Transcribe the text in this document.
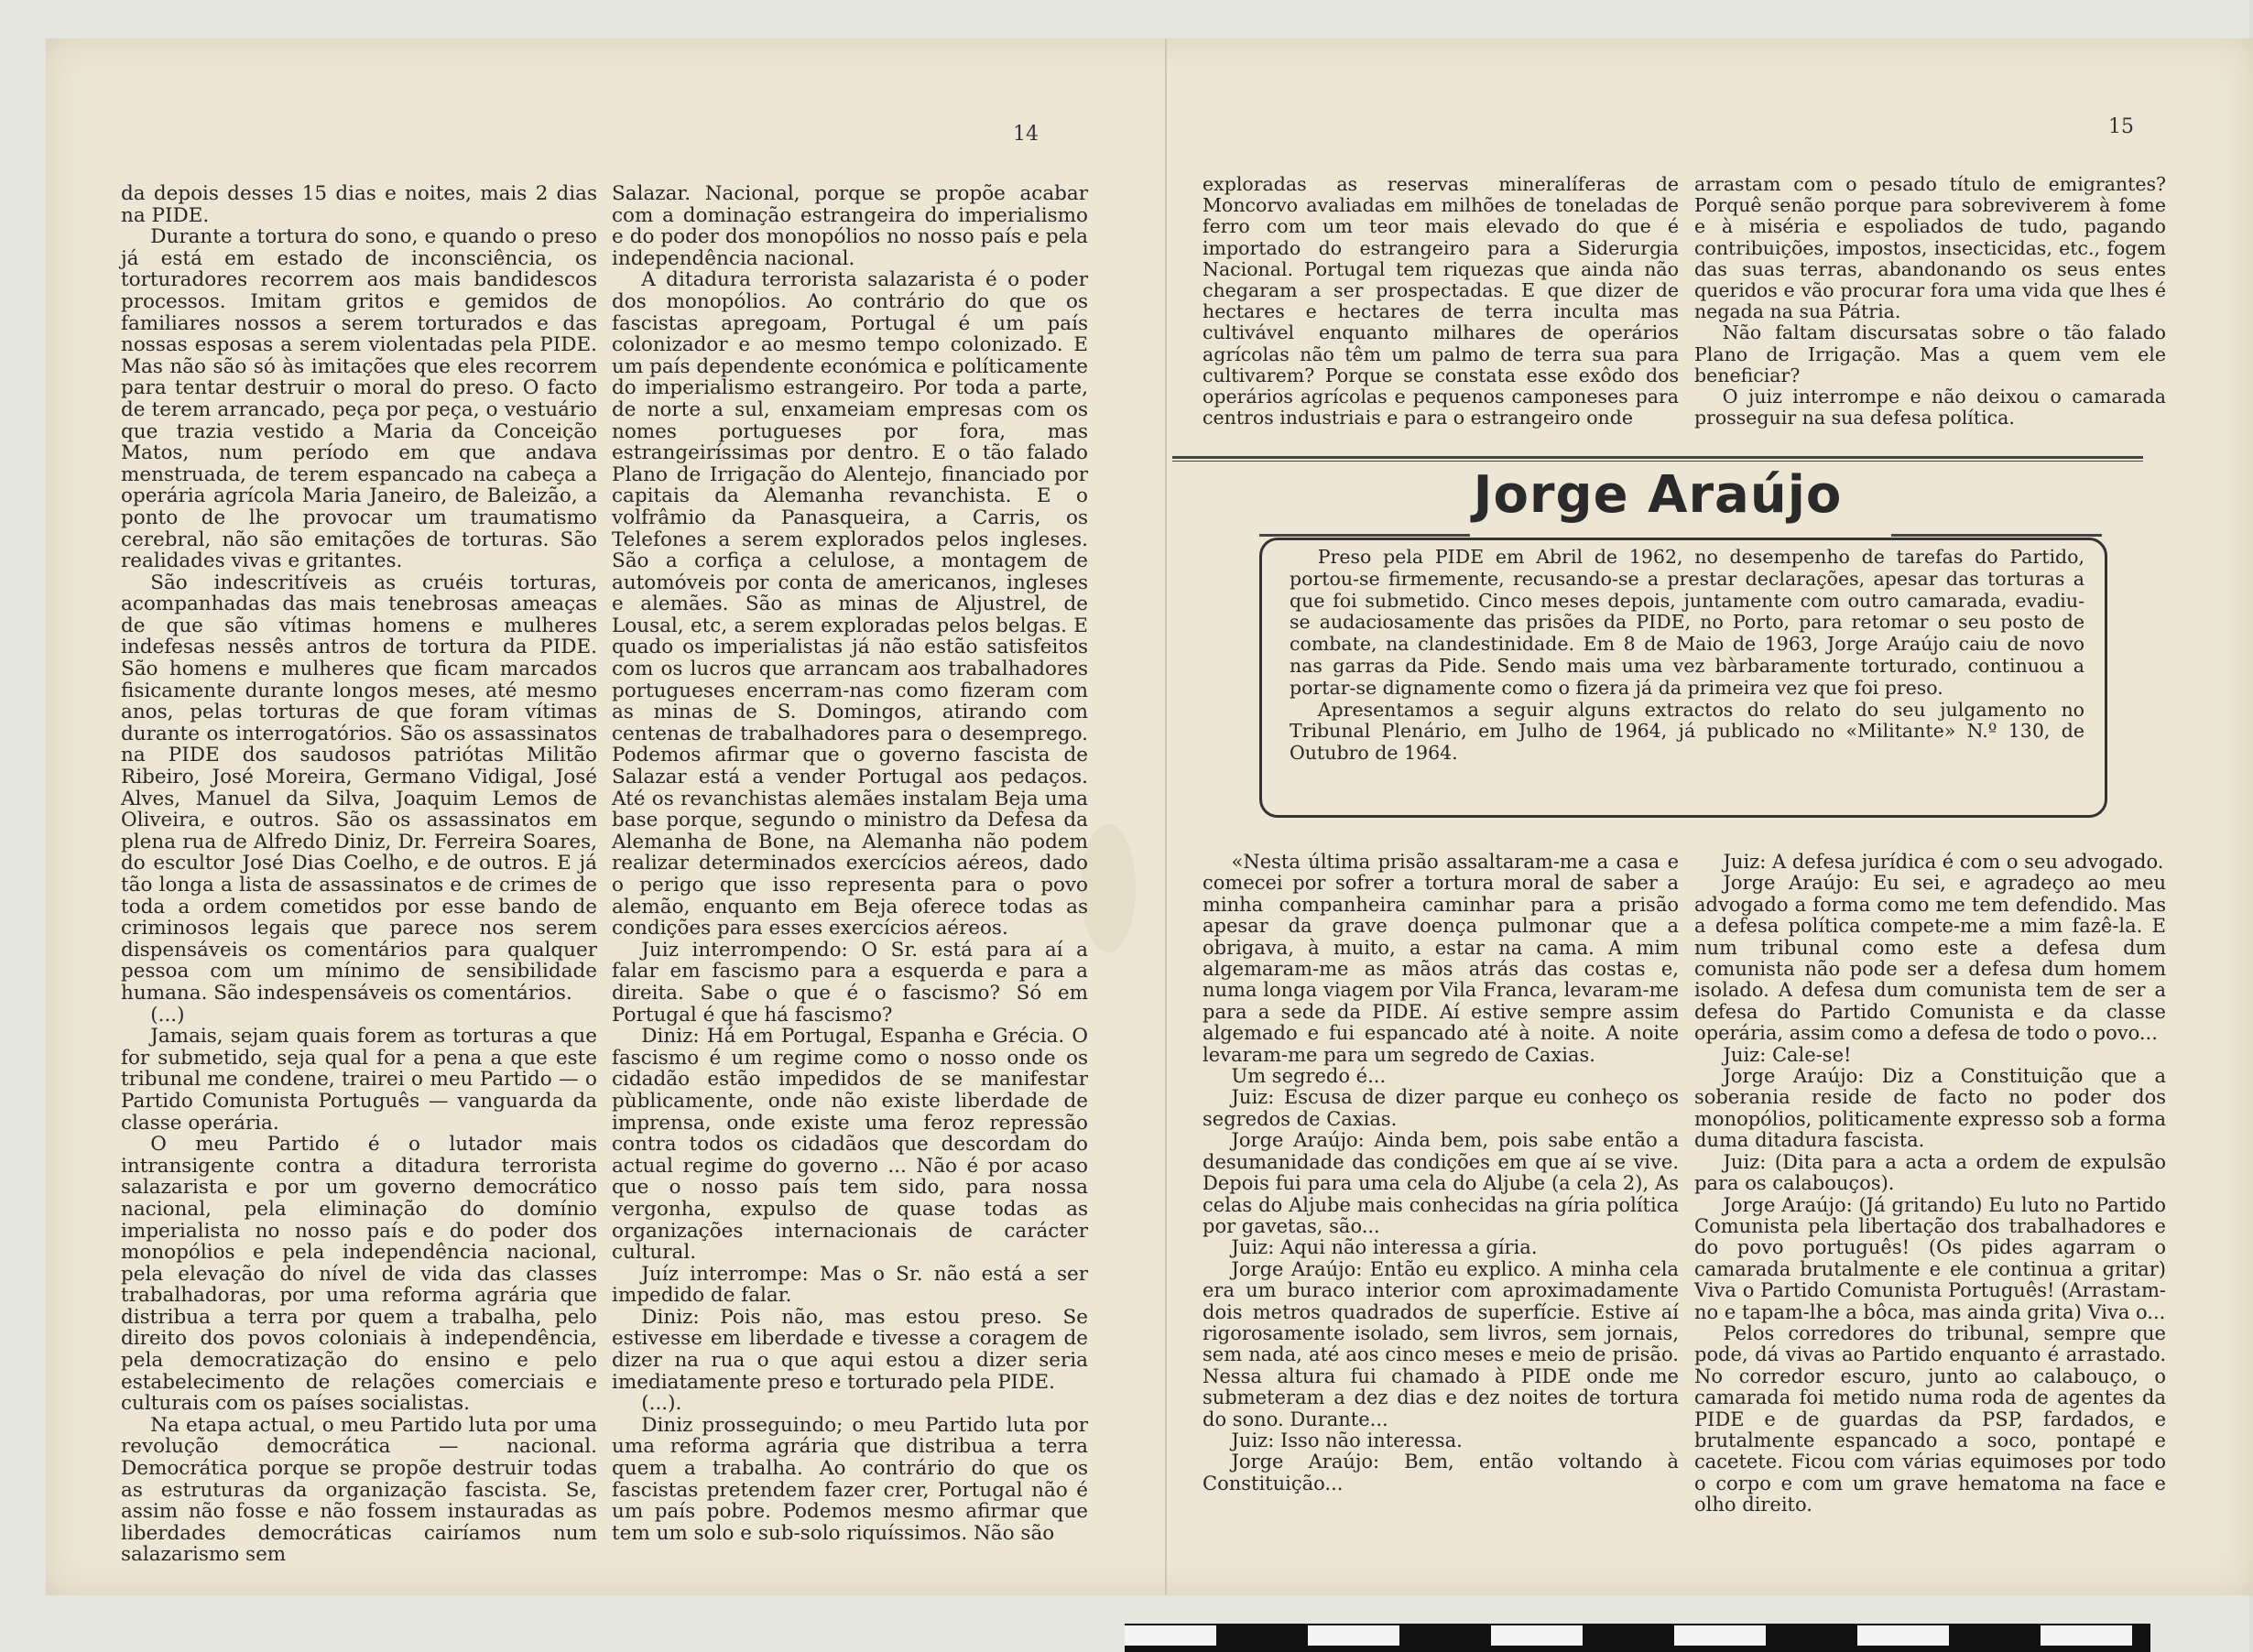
14	15

da depois desses 15 dias e noites, mais 2 dias na PIDE.

Durante a tortura do sono, e quando o preso já está em estado de inconsciência, os torturadores recorrem aos mais bandidescos processos. Imitam gritos e gemidos de familiares nossos a serem torturados e das nossas esposas a serem violentadas pela PIDE. Mas não são só às imitações que eles recorrem para tentar destruir o moral do preso. O facto de terem arrancado, peça por peça, o vestuário que trazia vestido a Maria da Conceição Matos, num período em que andava menstruada, de terem espancado na cabeça a operária agrícola Maria Janeiro, de Baleizão, a ponto de lhe provocar um traumatismo cerebral, não são emitações de torturas. São realidades vivas e gritantes.

São indescritíveis as cruéis torturas, acompanhadas das mais tenebrosas ameaças de que são vítimas homens e mulheres indefesas nessês antros de tortura da PIDE. São homens e mulheres que ficam marcados fisicamente durante longos meses, até mesmo anos, pelas torturas de que foram vítimas durante os interrogatórios. São os assassinatos na PIDE dos saudosos patriótas Militão Ribeiro, José Moreira, Germano Vidigal, José Alves, Manuel da Silva, Joaquim Lemos de Oliveira, e outros. São os assassinatos em plena rua de Alfredo Diniz, Dr. Ferreira Soares, do escultor José Dias Coelho, e de outros. E já tão longa a lista de assassinatos e de crimes de toda a ordem cometidos por esse bando de criminosos legais que parece nos serem dispensáveis os comentários para qualquer pessoa com um mínimo de sensibilidade humana. São indespensáveis os comentários.

(...)

Jamais, sejam quais forem as torturas a que for submetido, seja qual for a pena a que este tribunal me condene, trairei o meu Partido — o Partido Comunista Português — vanguarda da classe operária.

O meu Partido é o lutador mais intransigente contra a ditadura terrorista salazarista e por um governo democrático nacional, pela eliminação do domínio imperialista no nosso país e do poder dos monopólios e pela independência nacional, pela elevação do nível de vida das classes trabalhadoras, por uma reforma agrária que distribua a terra por quem a trabalha, pelo direito dos povos coloniais à independência, pela democratização do ensino e pelo estabelecimento de relações comerciais e culturais com os países socialistas.

Na etapa actual, o meu Partido luta por uma revolução democrática — nacional. Democrática porque se propõe destruir todas as estruturas da organização fascista. Se, assim não fosse e não fossem instauradas as liberdades democráticas cairíamos num salazarismo sem

Salazar. Nacional, porque se propõe acabar com a dominação estrangeira do imperialismo e do poder dos monopólios no nosso país e pela independência nacional.

A ditadura terrorista salazarista é o poder dos monopólios. Ao contrário do que os fascistas apregoam, Portugal é um país colonizador e ao mesmo tempo colonizado. E um país dependente económica e políticamente do imperialismo estrangeiro. Por toda a parte, de norte a sul, enxameiam empresas com os nomes portugueses por fora, mas estrangeiríssimas por dentro. E o tão falado Plano de Irrigação do Alentejo, financiado por capitais da Alemanha revanchista. E o volfrâmio da Panasqueira, a Carris, os Telefones a serem explorados pelos ingleses. São a corfiça a celulose, a montagem de automóveis por conta de americanos, ingleses e alemães. São as minas de Aljustrel, de Lousal, etc, a serem exploradas pelos belgas. E quado os imperialistas já não estão satisfeitos com os lucros que arrancam aos trabalhadores portugueses encerram-nas como fizeram com as minas de S. Domingos, atirando com centenas de trabalhadores para o desemprego. Podemos afirmar que o governo fascista de Salazar está a vender Portugal aos pedaços. Até os revanchistas alemães instalam Beja uma base porque, segundo o ministro da Defesa da Alemanha de Bone, na Alemanha não podem realizar determinados exercícios aéreos, dado o perigo que isso representa para o povo alemão, enquanto em Beja oferece todas as condições para esses exercícios aéreos.

Juiz interrompendo: O Sr. está para aí a falar em fascismo para a esquerda e para a direita. Sabe o que é o fascismo? Só em Portugal é que há fascismo?

Diniz: Há em Portugal, Espanha e Grécia. O fascismo é um regime como o nosso onde os cidadão estão impedidos de se manifestar pùblicamente, onde não existe liberdade de imprensa, onde existe uma feroz repressão contra todos os cidadãos que descordam do actual regime do governo ... Não é por acaso que o nosso país tem sido, para nossa vergonha, expulso de quase todas as organizações internacionais de carácter cultural.

Juíz interrompe: Mas o Sr. não está a ser impedido de falar.

Diniz: Pois não, mas estou preso. Se estivesse em liberdade e tivesse a coragem de dizer na rua o que aqui estou a dizer seria imediatamente preso e torturado pela PIDE.

(...).

Diniz prosseguindo; o meu Partido luta por uma reforma agrária que distribua a terra quem a trabalha. Ao contrário do que os fascistas pretendem fazer crer, Portugal não é um país pobre. Podemos mesmo afirmar que tem um solo e sub-solo riquíssimos. Não são

exploradas as reservas mineralíferas de Moncorvo avaliadas em milhões de toneladas de ferro com um teor mais elevado do que é importado do estrangeiro para a Siderurgia Nacional. Portugal tem riquezas que ainda não chegaram a ser prospectadas. E que dizer de hectares e hectares de terra inculta mas cultivável enquanto milhares de operários agrícolas não têm um palmo de terra sua para cultivarem? Porque se constata esse exôdo dos operários agrícolas e pequenos camponeses para centros industriais e para o estrangeiro onde

arrastam com o pesado título de emigrantes? Porquê senão porque para sobreviverem à fome e à miséria e espoliados de tudo, pagando contribuições, impostos, insecticidas, etc., fogem das suas terras, abandonando os seus entes queridos e vão procurar fora uma vida que lhes é negada na sua Pátria.

Não faltam discursatas sobre o tão falado Plano de Irrigação. Mas a quem vem ele beneficiar?

O juiz interrompe e não deixou o camarada prosseguir na sua defesa política.

Jorge Araújo

Preso pela PIDE em Abril de 1962, no desempenho de tarefas do Partido, portou-se firmemente, recusando-se a prestar declarações, apesar das torturas a que foi submetido. Cinco meses depois, juntamente com outro camarada, evadiu-se audaciosamente das prisões da PIDE, no Porto, para retomar o seu posto de combate, na clandestinidade. Em 8 de Maio de 1963, Jorge Araújo caiu de novo nas garras da Pide. Sendo mais uma vez bàrbaramente torturado, continuou a portar-se dignamente como o fizera já da primeira vez que foi preso.

Apresentamos a seguir alguns extractos do relato do seu julgamento no Tribunal Plenário, em Julho de 1964, já publicado no «Militante» N.º 130, de Outubro de 1964.

«Nesta última prisão assaltaram-me a casa e comecei por sofrer a tortura moral de saber a minha companheira caminhar para a prisão apesar da grave doença pulmonar que a obrigava, à muito, a estar na cama. A mim algemaram-me as mãos atrás das costas e, numa longa viagem por Vila Franca, levaram-me para a sede da PIDE. Aí estive sempre assim algemado e fui espancado até à noite. A noite levaram-me para um segredo de Caxias.

Um segredo é...

Juiz: Escusa de dizer parque eu conheço os segredos de Caxias.

Jorge Araújo: Ainda bem, pois sabe então a desumanidade das condições em que aí se vive. Depois fui para uma cela do Aljube (a cela 2), As celas do Aljube mais conhecidas na gíria política por gavetas, são...

Juiz: Aqui não interessa a gíria.

Jorge Araújo: Então eu explico. A minha cela era um buraco interior com aproximadamente dois metros quadrados de superfície. Estive aí rigorosamente isolado, sem livros, sem jornais, sem nada, até aos cinco meses e meio de prisão. Nessa altura fui chamado à PIDE onde me submeteram a dez dias e dez noites de tortura do sono. Durante...

Juiz: Isso não interessa.

Jorge Araújo: Bem, então voltando à Constituição...

Juiz: A defesa jurídica é com o seu advogado.

Jorge Araújo: Eu sei, e agradeço ao meu advogado a forma como me tem defendido. Mas a defesa política compete-me a mim fazê-la. E num tribunal como este a defesa dum comunista não pode ser a defesa dum homem isolado. A defesa dum comunista tem de ser a defesa do Partido Comunista e da classe operária, assim como a defesa de todo o povo...

Juiz: Cale-se!

Jorge Araújo: Diz a Constituição que a soberania reside de facto no poder dos monopólios, politicamente expresso sob a forma duma ditadura fascista.

Juiz: (Dita para a acta a ordem de expulsão para os calabouços).

Jorge Araújo: (Já gritando) Eu luto no Partido Comunista pela libertação dos trabalhadores e do povo português! (Os pides agarram o camarada brutalmente e ele continua a gritar) Viva o Partido Comunista Português! (Arrastam-no e tapam-lhe a bôca, mas ainda grita) Viva o...

Pelos corredores do tribunal, sempre que pode, dá vivas ao Partido enquanto é arrastado. No corredor escuro, junto ao calabouço, o camarada foi metido numa roda de agentes da PIDE e de guardas da PSP, fardados, e brutalmente espancado a soco, pontapé e cacetete. Ficou com várias equimoses por todo o corpo e com um grave hematoma na face e olho direito.
